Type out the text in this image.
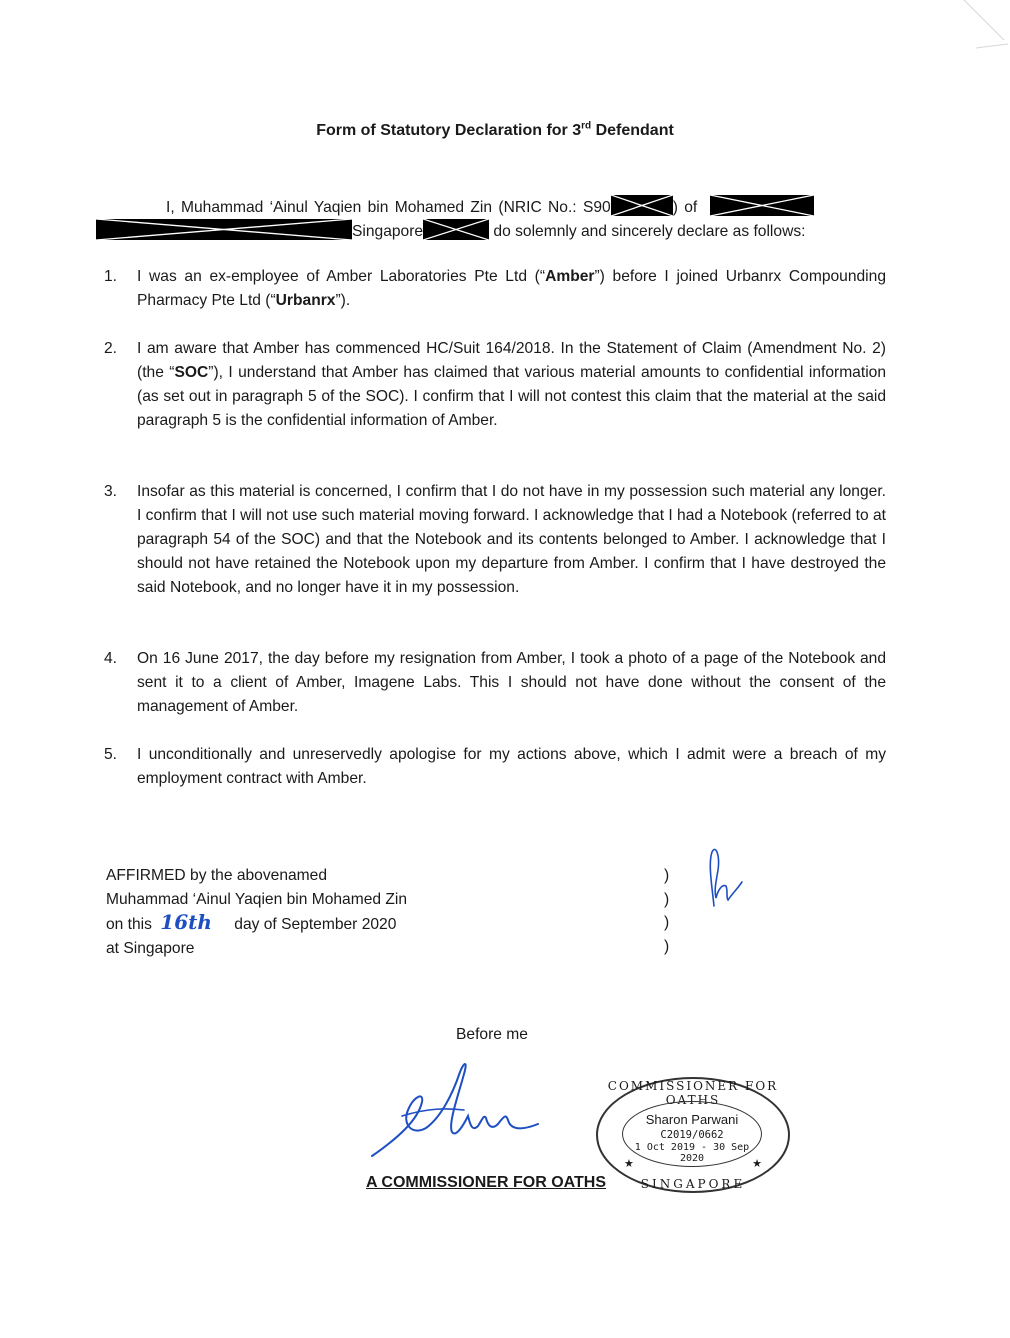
Form of Statutory Declaration for 3rd Defendant
I, Muhammad ‘Ainul Yaqien bin Mohamed Zin (NRIC No.: S90	) of
Singapore	do solemnly and sincerely declare as follows:
1.	I was an ex-employee of Amber Laboratories Pte Ltd (“Amber”) before I joined Urbanrx Compounding Pharmacy Pte Ltd (“Urbanrx”).
2.	I am aware that Amber has commenced HC/Suit 164/2018. In the Statement of Claim (Amendment No. 2) (the “SOC”), I understand that Amber has claimed that various material amounts to confidential information (as set out in paragraph 5 of the SOC). I confirm that I will not contest this claim that the material at the said paragraph 5 is the confidential information of Amber.
3.	Insofar as this material is concerned, I confirm that I do not have in my possession such material any longer. I confirm that I will not use such material moving forward. I acknowledge that I had a Notebook (referred to at paragraph 54 of the SOC) and that the Notebook and its contents belonged to Amber. I acknowledge that I should not have retained the Notebook upon my departure from Amber. I confirm that I have destroyed the said Notebook, and no longer have it in my possession.
4.	On 16 June 2017, the day before my resignation from Amber, I took a photo of a page of the Notebook and sent it to a client of Amber, Imagene Labs. This I should not have done without the consent of the management of Amber.
5.	I unconditionally and unreservedly apologise for my actions above, which I admit were a breach of my employment contract with Amber.
AFFIRMED by the abovenamed
Muhammad ‘Ainul Yaqien bin Mohamed Zin
on this 16th day of September 2020
at Singapore
)
)
)
)
Before me
A COMMISSIONER FOR OATHS
COMMISSIONER FOR OATHS
Sharon Parwani
C2019/0662
1 Oct 2019 - 30 Sep 2020
★	★
SINGAPORE
